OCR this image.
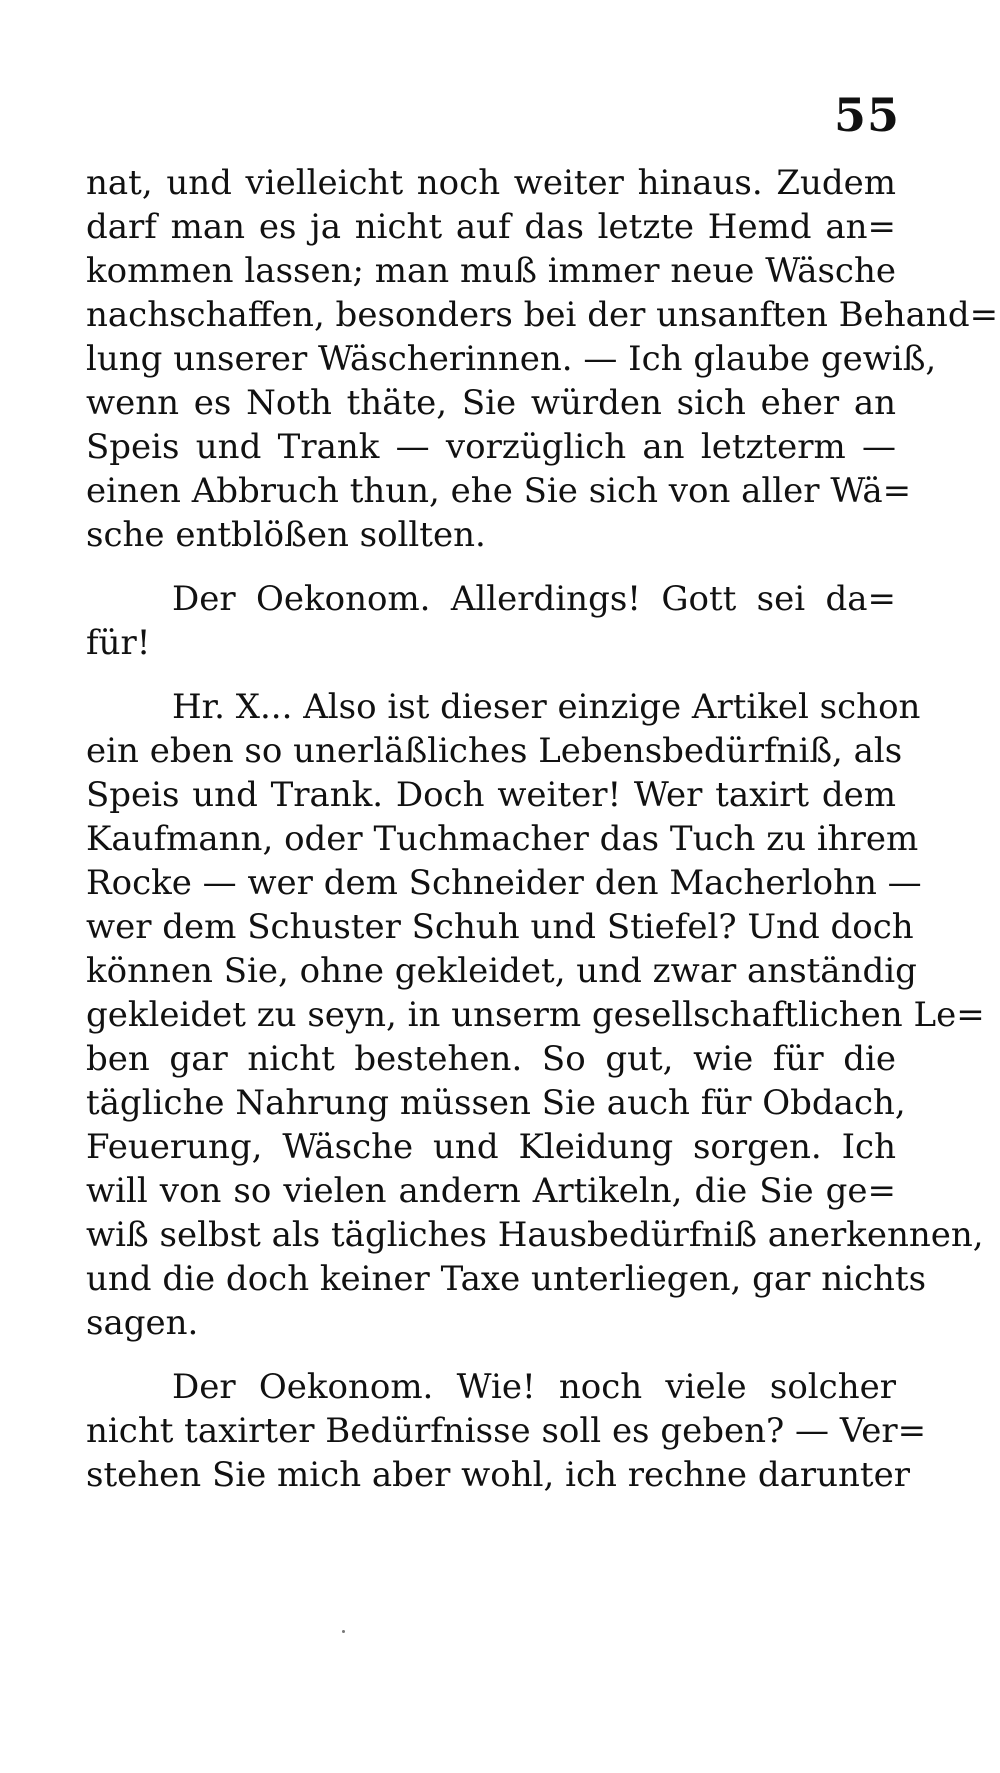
55
nat, und vielleicht noch weiter hinaus. Zudem
darf man es ja nicht auf das letzte Hemd an=
kommen lassen; man muß immer neue Wäsche
nachschaffen, besonders bei der unsanften Behand=
lung unserer Wäscherinnen. — Ich glaube gewiß,
wenn es Noth thäte, Sie würden sich eher an
Speis und Trank — vorzüglich an letzterm —
einen Abbruch thun, ehe Sie sich von aller Wä=
sche entblößen sollten.
Der Oekonom. Allerdings! Gott sei da=
für!
Hr. X... Also ist dieser einzige Artikel schon
ein eben so unerläßliches Lebensbedürfniß, als
Speis und Trank. Doch weiter! Wer taxirt dem
Kaufmann, oder Tuchmacher das Tuch zu ihrem
Rocke — wer dem Schneider den Macherlohn —
wer dem Schuster Schuh und Stiefel? Und doch
können Sie, ohne gekleidet, und zwar anständig
gekleidet zu seyn, in unserm gesellschaftlichen Le=
ben gar nicht bestehen. So gut, wie für die
tägliche Nahrung müssen Sie auch für Obdach,
Feuerung, Wäsche und Kleidung sorgen. Ich
will von so vielen andern Artikeln, die Sie ge=
wiß selbst als tägliches Hausbedürfniß anerkennen,
und die doch keiner Taxe unterliegen, gar nichts
sagen.
Der Oekonom. Wie! noch viele solcher
nicht taxirter Bedürfnisse soll es geben? — Ver=
stehen Sie mich aber wohl, ich rechne darunter
